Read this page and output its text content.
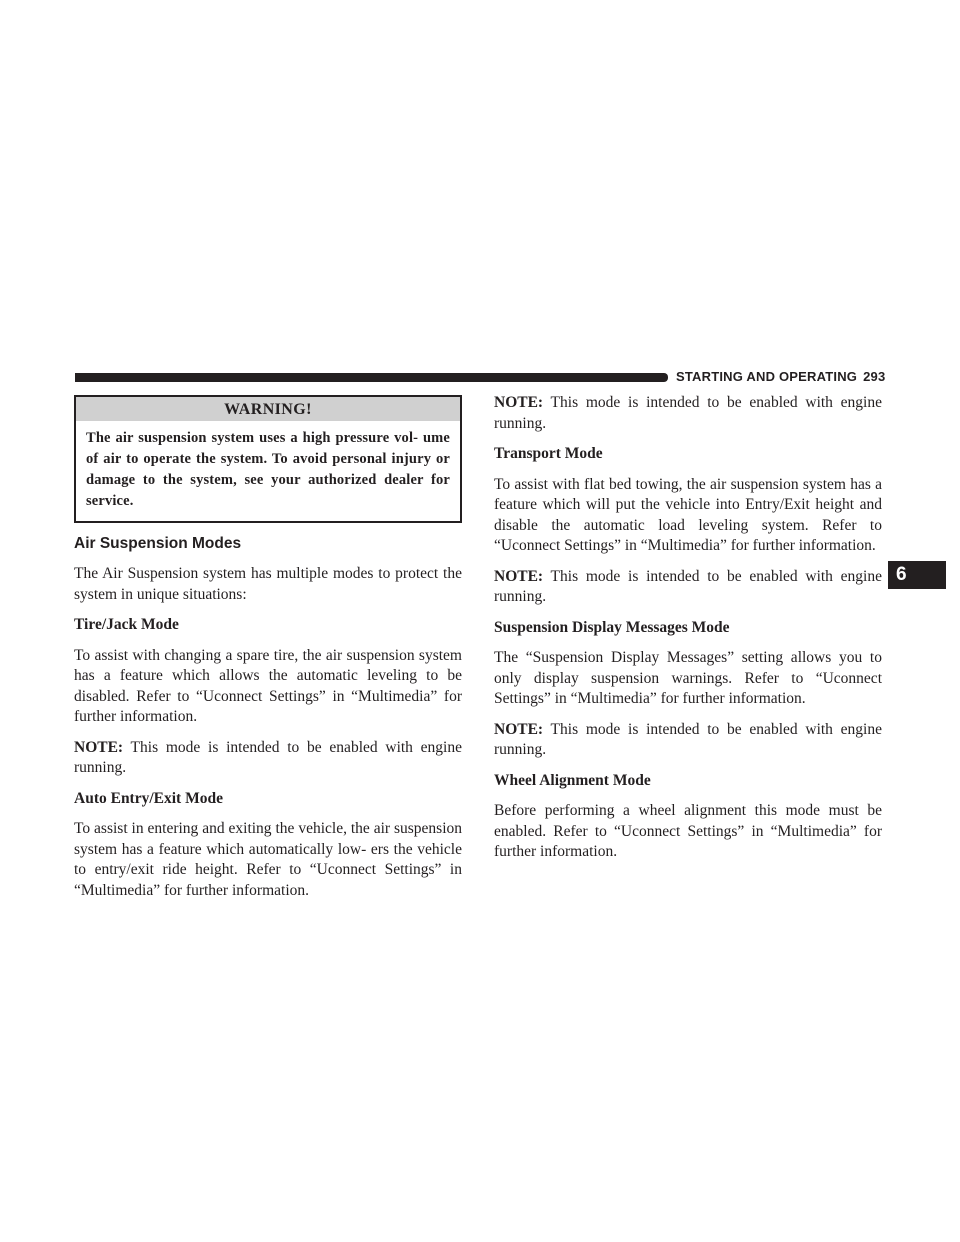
STARTING AND OPERATING 293
6
WARNING!
The air suspension system uses a high pressure vol- ume of air to operate the system. To avoid personal injury or damage to the system, see your authorized dealer for service.
Air Suspension Modes

The Air Suspension system has multiple modes to protect the system in unique situations:

Tire/Jack Mode

To assist with changing a spare tire, the air suspension system has a feature which allows the automatic leveling to be disabled. Refer to “Uconnect Settings” in “Multimedia” for further information.

NOTE: This mode is intended to be enabled with engine running.

Auto Entry/Exit Mode

To assist in entering and exiting the vehicle, the air suspension system has a feature which automatically low- ers the vehicle to entry/exit ride height. Refer to “Uconnect Settings” in “Multimedia” for further information.

NOTE: This mode is intended to be enabled with engine running.

Transport Mode

To assist with flat bed towing, the air suspension system has a feature which will put the vehicle into Entry/Exit height and disable the automatic load leveling system. Refer to “Uconnect Settings” in “Multimedia” for further information.

NOTE: This mode is intended to be enabled with engine running.

Suspension Display Messages Mode

The “Suspension Display Messages” setting allows you to only display suspension warnings. Refer to “Uconnect Settings” in “Multimedia” for further information.

NOTE: This mode is intended to be enabled with engine running.

Wheel Alignment Mode

Before performing a wheel alignment this mode must be enabled. Refer to “Uconnect Settings” in “Multimedia” for further information.
